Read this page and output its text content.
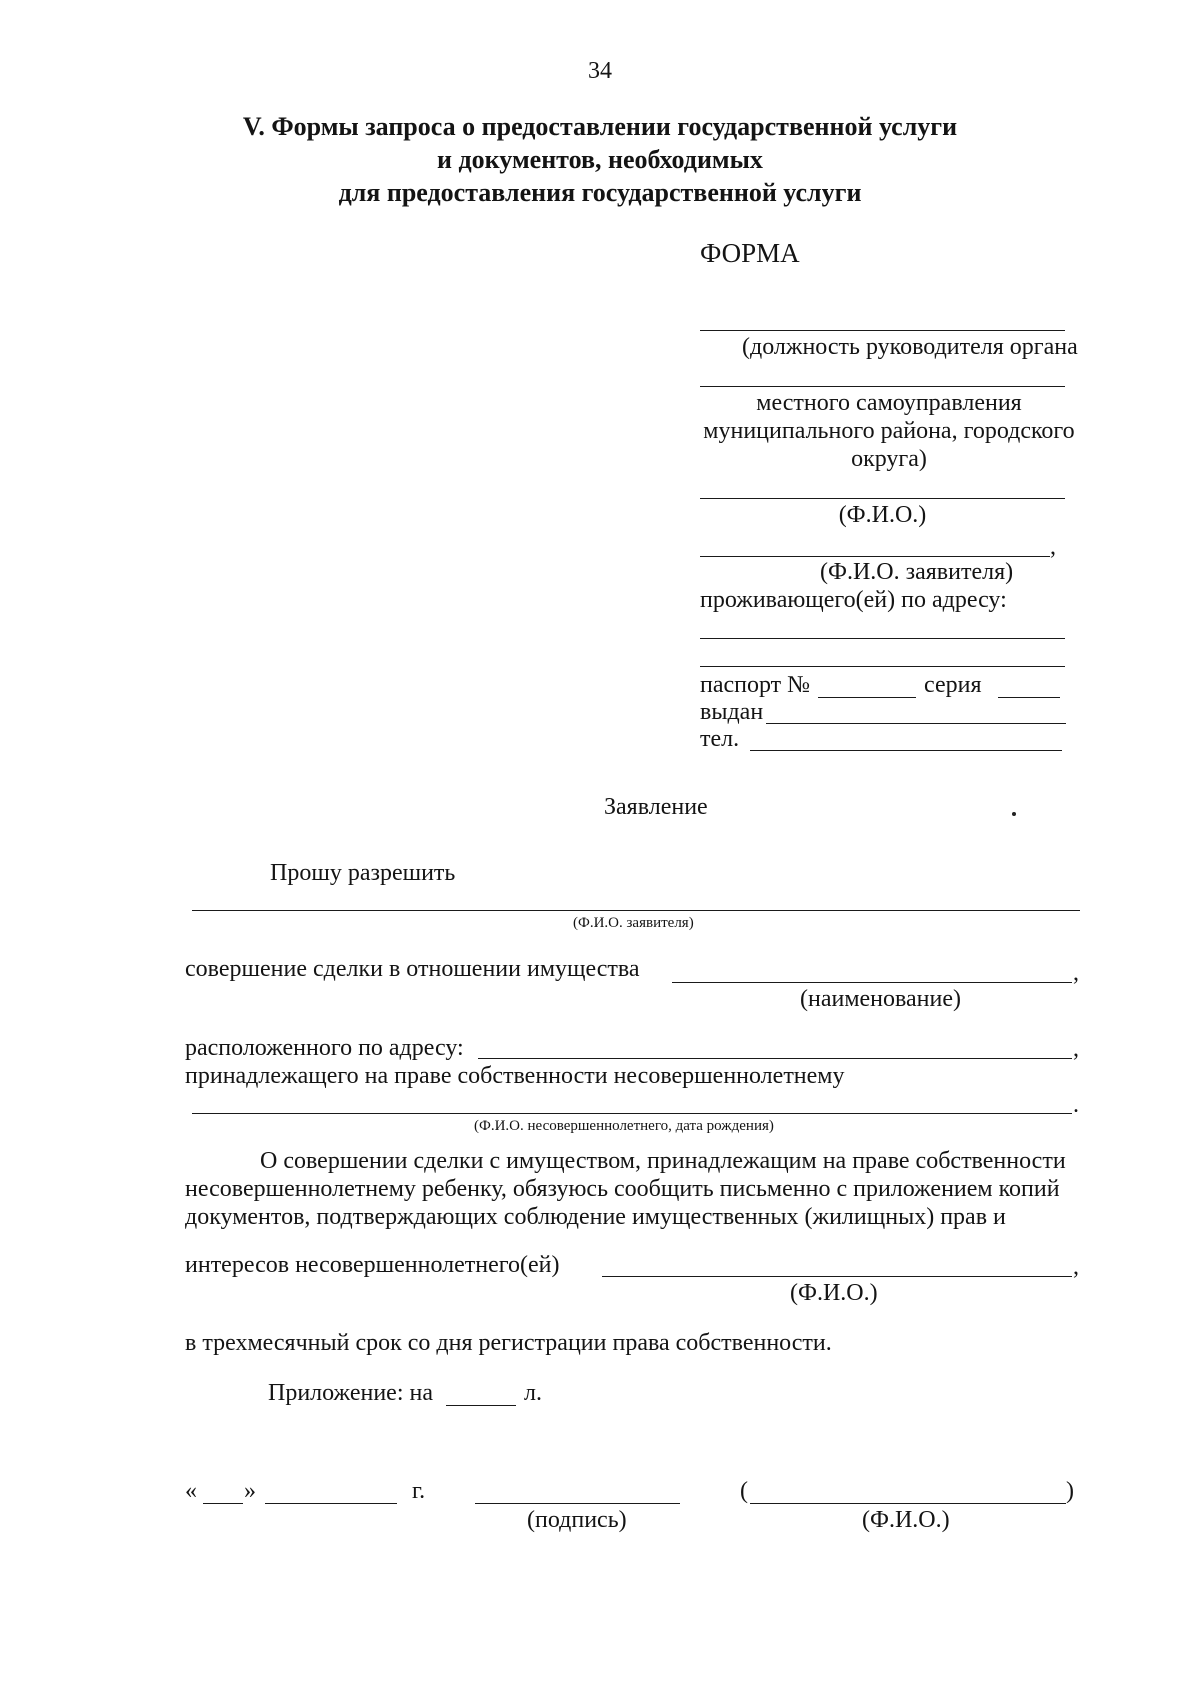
34
V. Формы запроса о предоставлении государственной услуги
и документов, необходимых
для предоставления государственной услуги
ФОРМА
(должность руководителя органа
местного самоуправления
муниципального района, городского
округа)
(Ф.И.О.)
,
(Ф.И.О. заявителя)
проживающего(ей) по адресу:
паспорт №	серия
выдан
тел.
Заявление
Прошу разрешить
(Ф.И.О. заявителя)
совершение сделки в отношении имущества	,
(наименование)
расположенного по адресу:	,
принадлежащего на праве собственности несовершеннолетнему
.
(Ф.И.О. несовершеннолетнего, дата рождения)
О совершении сделки с имуществом, принадлежащим на праве собственности
несовершеннолетнему ребенку, обязуюсь сообщить письменно с приложением копий
документов, подтверждающих соблюдение имущественных (жилищных) прав и
интересов несовершеннолетнего(ей)	,
(Ф.И.О.)
в трехмесячный срок со дня регистрации права собственности.
Приложение: на	л.
« »	г.
(подпись)
(	)
(Ф.И.О.)
